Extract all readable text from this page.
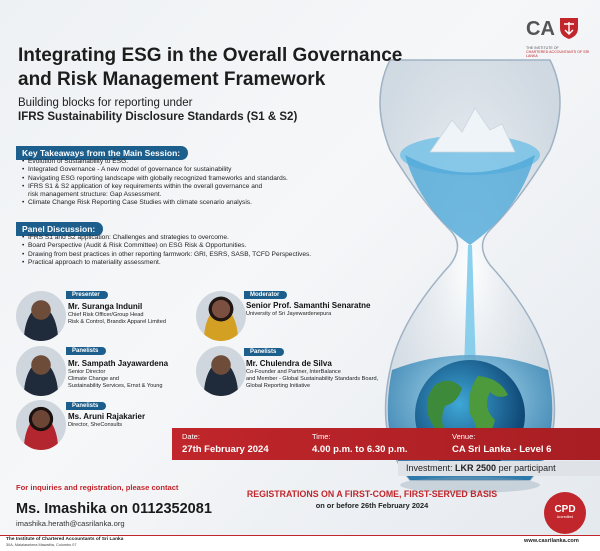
CA
THE INSTITUTE OF
CHARTERED ACCOUNTANTS OF SRI LANKA
Integrating ESG in the Overall Governance
and Risk Management Framework
Building blocks for reporting under
IFRS Sustainability Disclosure Standards (S1 & S2)
Key Takeaways from the Main Session:
• Evolution of Sustainability to ESG.
• Integrated Governance - A new model of governance for sustainability
• Navigating ESG reporting landscape with globally recognized frameworks and standards.
• IFRS S1 & S2 application of key requirements within the overall governance and
risk management structure: Gap Assessment.
• Climate Change Risk Reporting Case Studies with climate scenario analysis.
Panel Discussion:
• IFRS S1 and S2 application: Challenges and strategies to overcome.
• Board Perspective (Audit & Risk Committee) on ESG Risk & Opportunities.
• Drawing from best practices in other reporting farmwork: GRI, ESRS, SASB, TCFD Perspectives.
• Practical approach to materiality assessment.
Presenter
Mr. Suranga Indunil
Chief Risk Officer/Group Head
Risk & Control, Brandix Apparel Limited
Moderator
Senior Prof. Samanthi Senaratne
University of Sri Jayewardenepura
Panelists
Mr. Sampath Jayawardena
Senior Director
Climate Change and
Sustainability Services, Ernst & Young
Panelists
Mr. Chulendra de Silva
Co-Founder and Partner, InterBalance
and Member - Global Sustainability Standards Board,
Global Reporting Initiative
Panelists
Ms. Aruni Rajakarier
Director, SheConsults
Date:
27th February 2024
Time:
4.00 p.m. to 6.30 p.m.
Venue:
CA Sri Lanka - Level 6
Investment: LKR 2500 per participant
For inquiries and registration, please contact
Ms. Imashika on 0112352081
imashika.herath@casrilanka.org
REGISTRATIONS ON A FIRST-COME, FIRST-SERVED BASIS
on or before 26th February 2024	CPD
Accredited
The Institute of Chartered Accountants of Sri Lanka
30A, Malalasekera Mawatha, Colombo 07
www.casrilanka.com
